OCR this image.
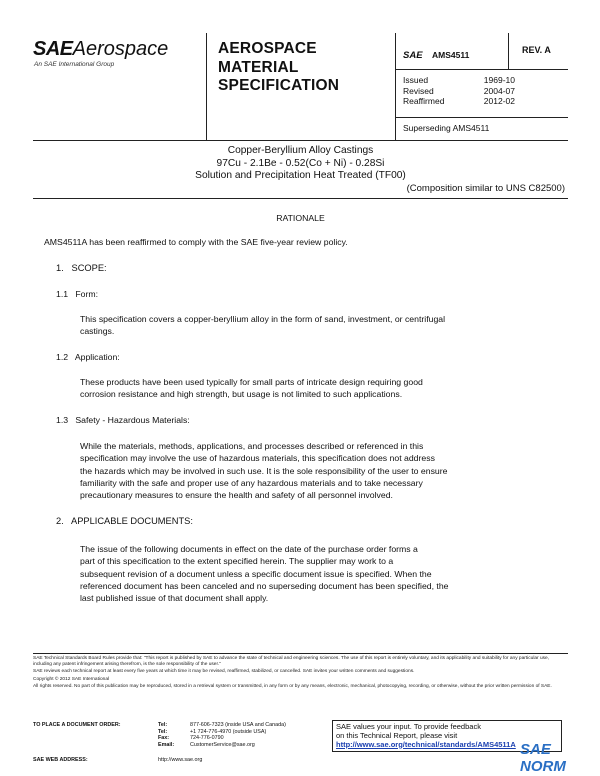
SAEAerospace
An SAE International Group
AEROSPACE
MATERIAL
SPECIFICATION
SAE AMS4511	REV. A
Issued	1969-10
Revised	2004-07
Reaffirmed	2012-02
Superseding AMS4511
Copper-Beryllium Alloy Castings
97Cu - 2.1Be - 0.52(Co + Ni) - 0.28Si
Solution and Precipitation Heat Treated (TF00)
(Composition similar to UNS C82500)
RATIONALE
AMS4511A has been reaffirmed to comply with the SAE five-year review policy.
1.   SCOPE:
1.1   Form:
This specification covers a copper-beryllium alloy in the form of sand, investment, or centrifugal
castings.
1.2   Application:
These products have been used typically for small parts of intricate design requiring good
corrosion resistance and high strength, but usage is not limited to such applications.
1.3   Safety - Hazardous Materials:
While the materials, methods, applications, and processes described or referenced in this
specification may involve the use of hazardous materials, this specification does not address
the hazards which may be involved in such use. It is the sole responsibility of the user to ensure
familiarity with the safe and proper use of any hazardous materials and to take necessary
precautionary measures to ensure the health and safety of all personnel involved.
2.   APPLICABLE DOCUMENTS:
The issue of the following documents in effect on the date of the purchase order forms a
part of this specification to the extent specified herein. The supplier may work to a
subsequent revision of a document unless a specific document issue is specified. When the
referenced document has been canceled and no superseding document has been specified, the
last published issue of that document shall apply.
SAE Technical Standards Board Rules provide that: "This report is published by SAE to advance the state of technical and engineering sciences. The use of this report is entirely voluntary, and its applicability and suitability for any particular use, including any patent infringement arising therefrom, is the sole responsibility of the user."
SAE reviews each technical report at least every five years at which time it may be revised, reaffirmed, stabilized, or cancelled. SAE invites your written comments and suggestions.
Copyright © 2012 SAE International
All rights reserved. No part of this publication may be reproduced, stored in a retrieval system or transmitted, in any form or by any means, electronic, mechanical, photocopying, recording, or otherwise, without the prior written permission of SAE.
TO PLACE A DOCUMENT ORDER:	Tel:	877-606-7323 (inside USA and Canada)
Tel:	+1 724-776-4970 (outside USA)
Fax:	724-776-0790
Email:	CustomerService@sae.org
SAE WEB ADDRESS:	http://www.sae.org
SAE values your input. To provide feedback
on this Technical Report, please visit
http://www.sae.org/technical/standards/AMS4511A SAE NORM
